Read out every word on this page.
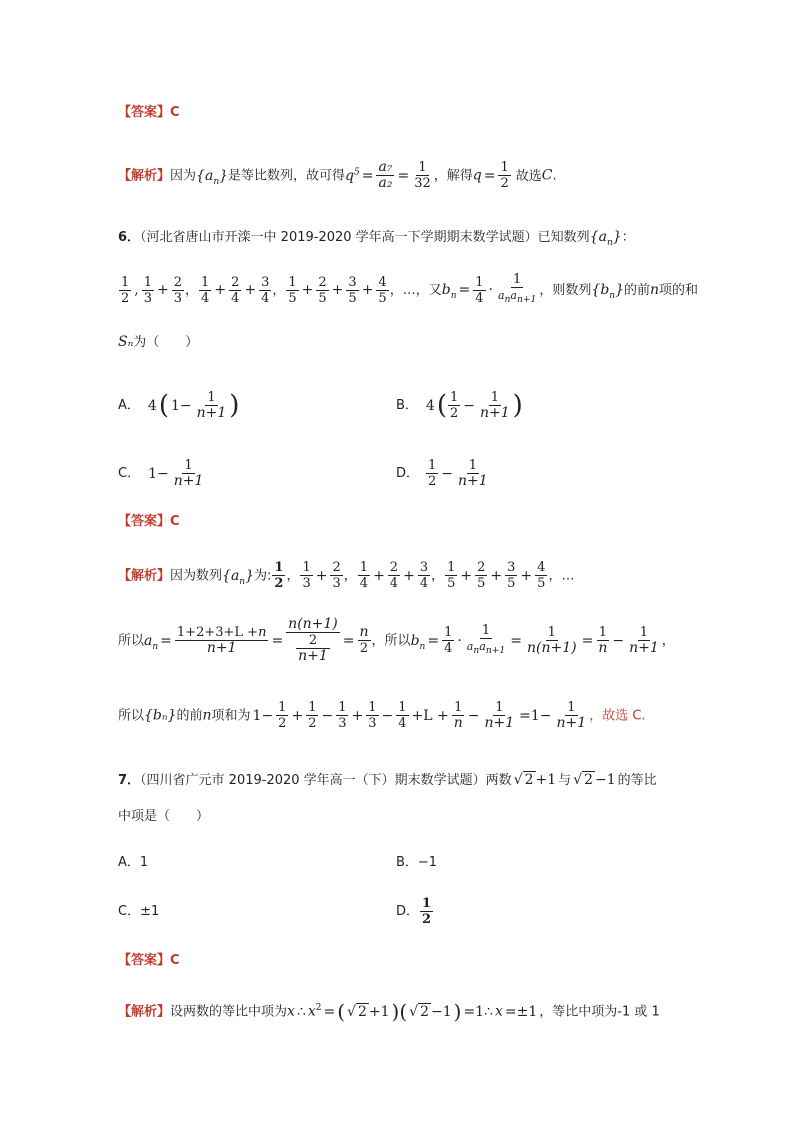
【答案】C
【解析】因为$\{a_n\}$是等比数列，故可得$q^5 = \frac{\text{a₇}}{\text{a₂}} = \frac{1}{32}$ ，解得$q = \frac{1}{2}$ 故选C.
6．（河北省唐山市开滦一中 2019-2020 学年高一下学期期末数学试题）已知数列$\{a_n\}$：
$\frac{1}{2}$ , $\frac{1}{3} + \frac{2}{3}$ ， $\frac{1}{4} + \frac{2}{4} + \frac{3}{4}$ ， $\frac{1}{5} + \frac{2}{5} + \frac{3}{5} + \frac{4}{5}$ ，…，又$b_n = \frac{1}{4} \cdot \frac{1}{a_na_{n+1}}$ ，则数列$\{b_n\}$的前n项的和
Sₙ为（　　）
A． 4( $1- \frac{1}{n+1}$ )	B． $4( \frac{1}{2} - \frac{1}{n+1}$ )
C． $1- \frac{1}{n+1}$	D． $\frac{1}{2} - \frac{1}{n+1}$
【答案】C
【解析】因为数列$\{a_n\}$为: $\frac{1}{2}$ ， $\frac{1}{3} + \frac{2}{3}$ ， $\frac{1}{4} + \frac{2}{4} + \frac{3}{4}$ ， $\frac{1}{5} + \frac{2}{5} + \frac{3}{5} + \frac{4}{5}$ ，…
所以$a_n = \frac{1+2+3+L +n}{n+1} = \frac{\frac{n(n+1)}{2}}{n+1} = \frac{n}{2}$ ，所以$b_n = \frac{1}{4} \cdot \frac{1}{a_na_{n+1}} = \frac{1}{n(n+1)} = \frac{1}{n} - \frac{1}{n+1}$ ，
所以{bₙ}的前n项和为 $1- \frac{1}{2} + \frac{1}{2} - \frac{1}{3} + \frac{1}{3} - \frac{1}{4} +L + \frac{1}{n} - \frac{1}{n+1} =1- \frac{1}{n+1}$ ，故选 C.
7．（四川省广元市 2019-2020 学年高一（下）期末数学试题）两数 √ 2 +1 与 √ 2 −1 的等比
中项是（　　）
A．1	B．−1
C．±1	D． $\frac{1}{2}$
【答案】C
【解析】设两数的等比中项为x ∴ $x^2$ = ( √ 2 +1 )( √ 2 −1 ) =1∴ x =±1 ，等比中项为-1 或 1
